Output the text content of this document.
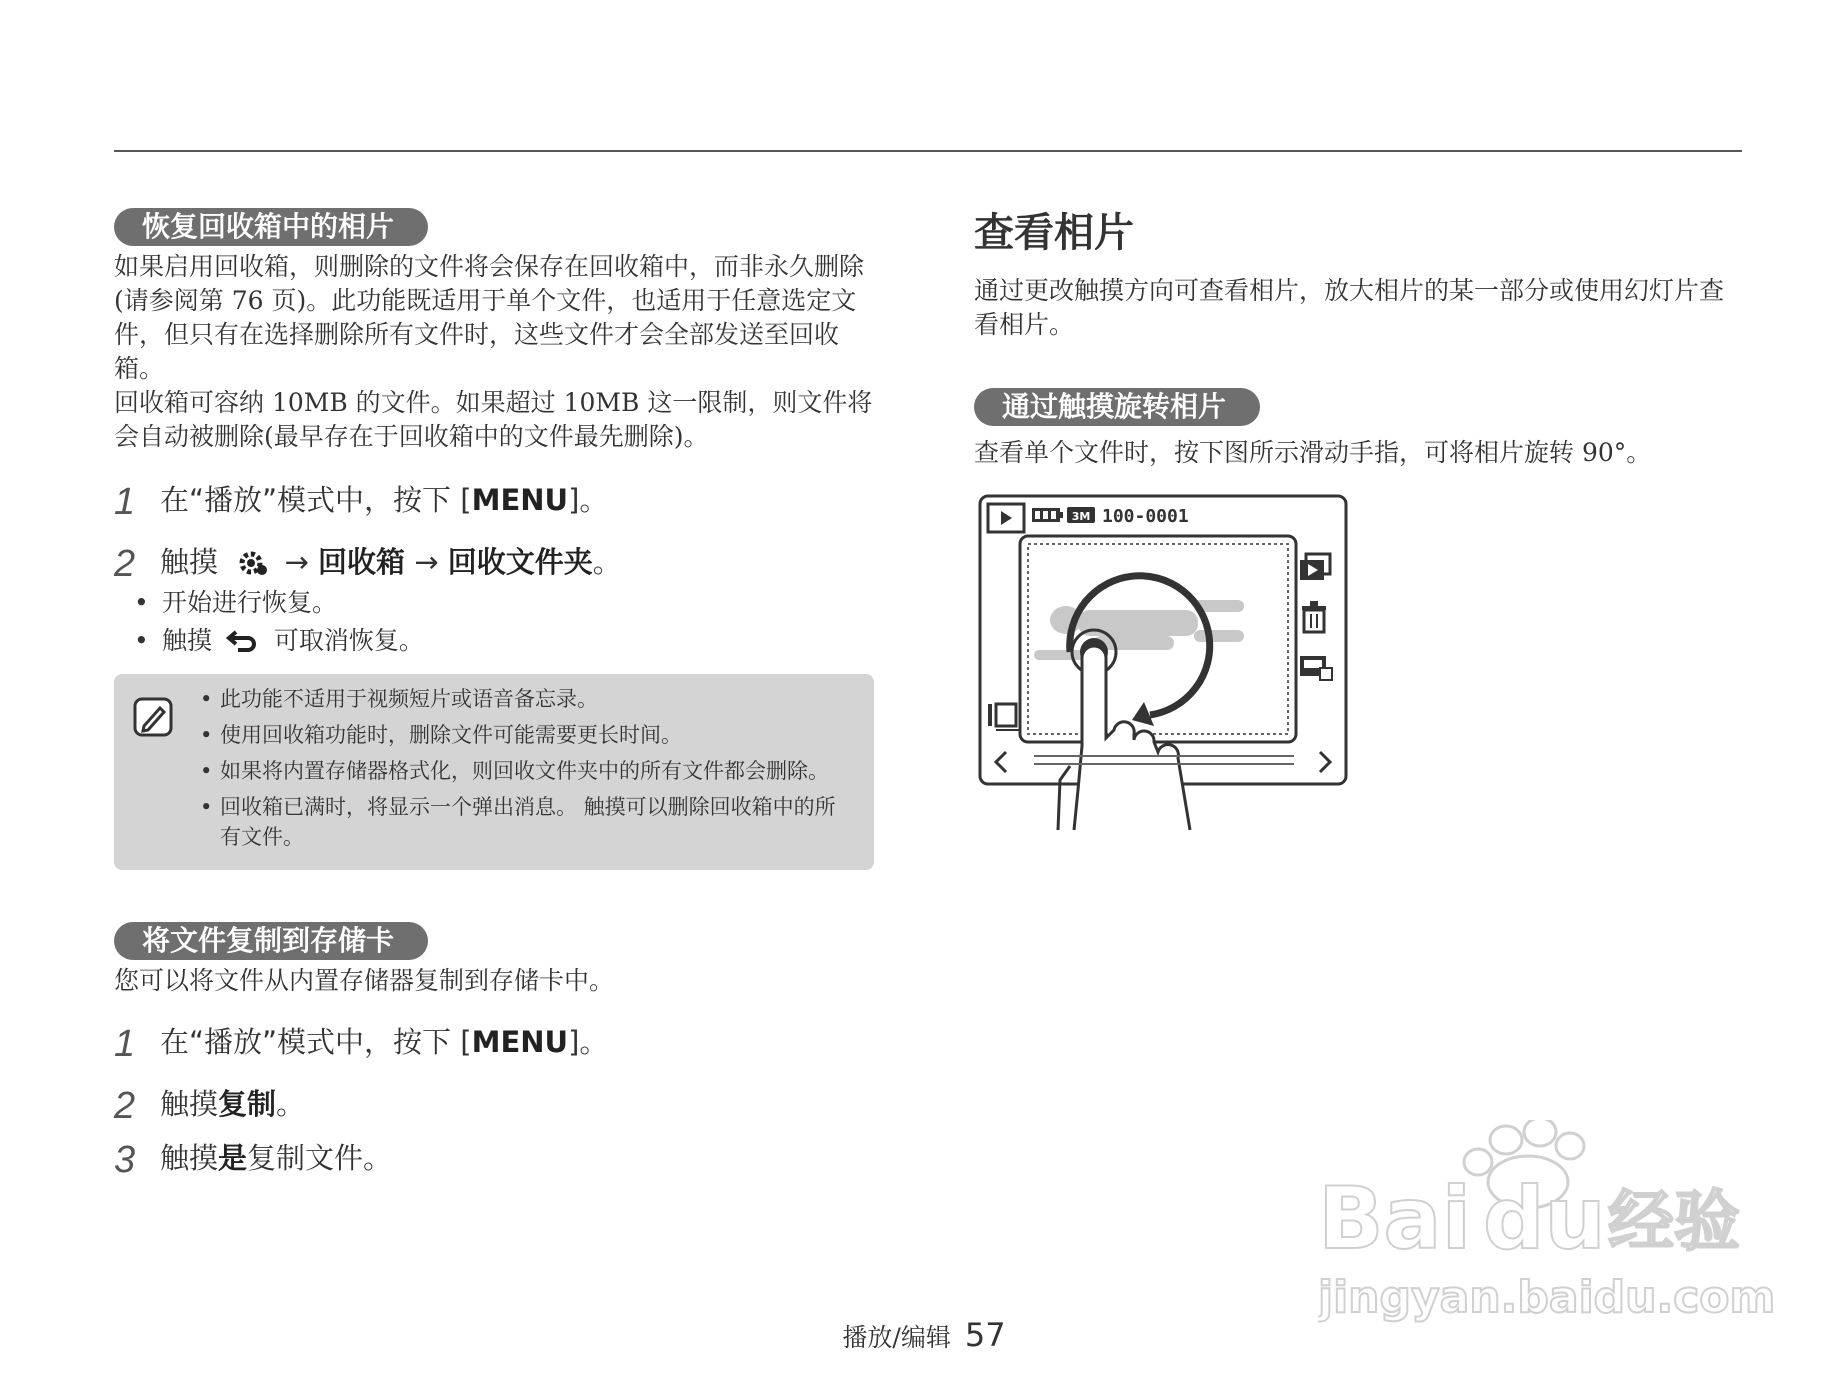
恢复回收箱中的相片

如果启用回收箱，则删除的文件将会保存在回收箱中，而非永久删除(请参阅第 76 页)。此功能既适用于单个文件，也适用于任意选定文件，但只有在选择删除所有文件时，这些文件才会全部发送至回收箱。

回收箱可容纳 10MB 的文件。如果超过 10MB 这一限制，则文件将会自动被删除(最早存在于回收箱中的文件最先删除)。

1 在“播放”模式中，按下 [MENU]。
2 触摸 → 回收箱 → 回收文件夹。
• 开始进行恢复。
• 触摸 可取消恢复。
• 此功能不适用于视频短片或语音备忘录。
• 使用回收箱功能时，删除文件可能需要更长时间。
• 如果将内置存储器格式化，则回收文件夹中的所有文件都会删除。
• 回收箱已满时，将显示一个弹出消息。 触摸可以删除回收箱中的所有文件。
将文件复制到存储卡

您可以将文件从内置存储器复制到存储卡中。

1 在“播放”模式中，按下 [MENU]。
2 触摸复制。
3 触摸是复制文件。
查看相片

通过更改触摸方向可查看相片，放大相片的某一部分或使用幻灯片查看相片。

通过触摸旋转相片

查看单个文件时，按下图所示滑动手指，可将相片旋转 90°。

3M 100-0001
Bai du 经验
jingyan.baidu.com
播放/编辑 57
